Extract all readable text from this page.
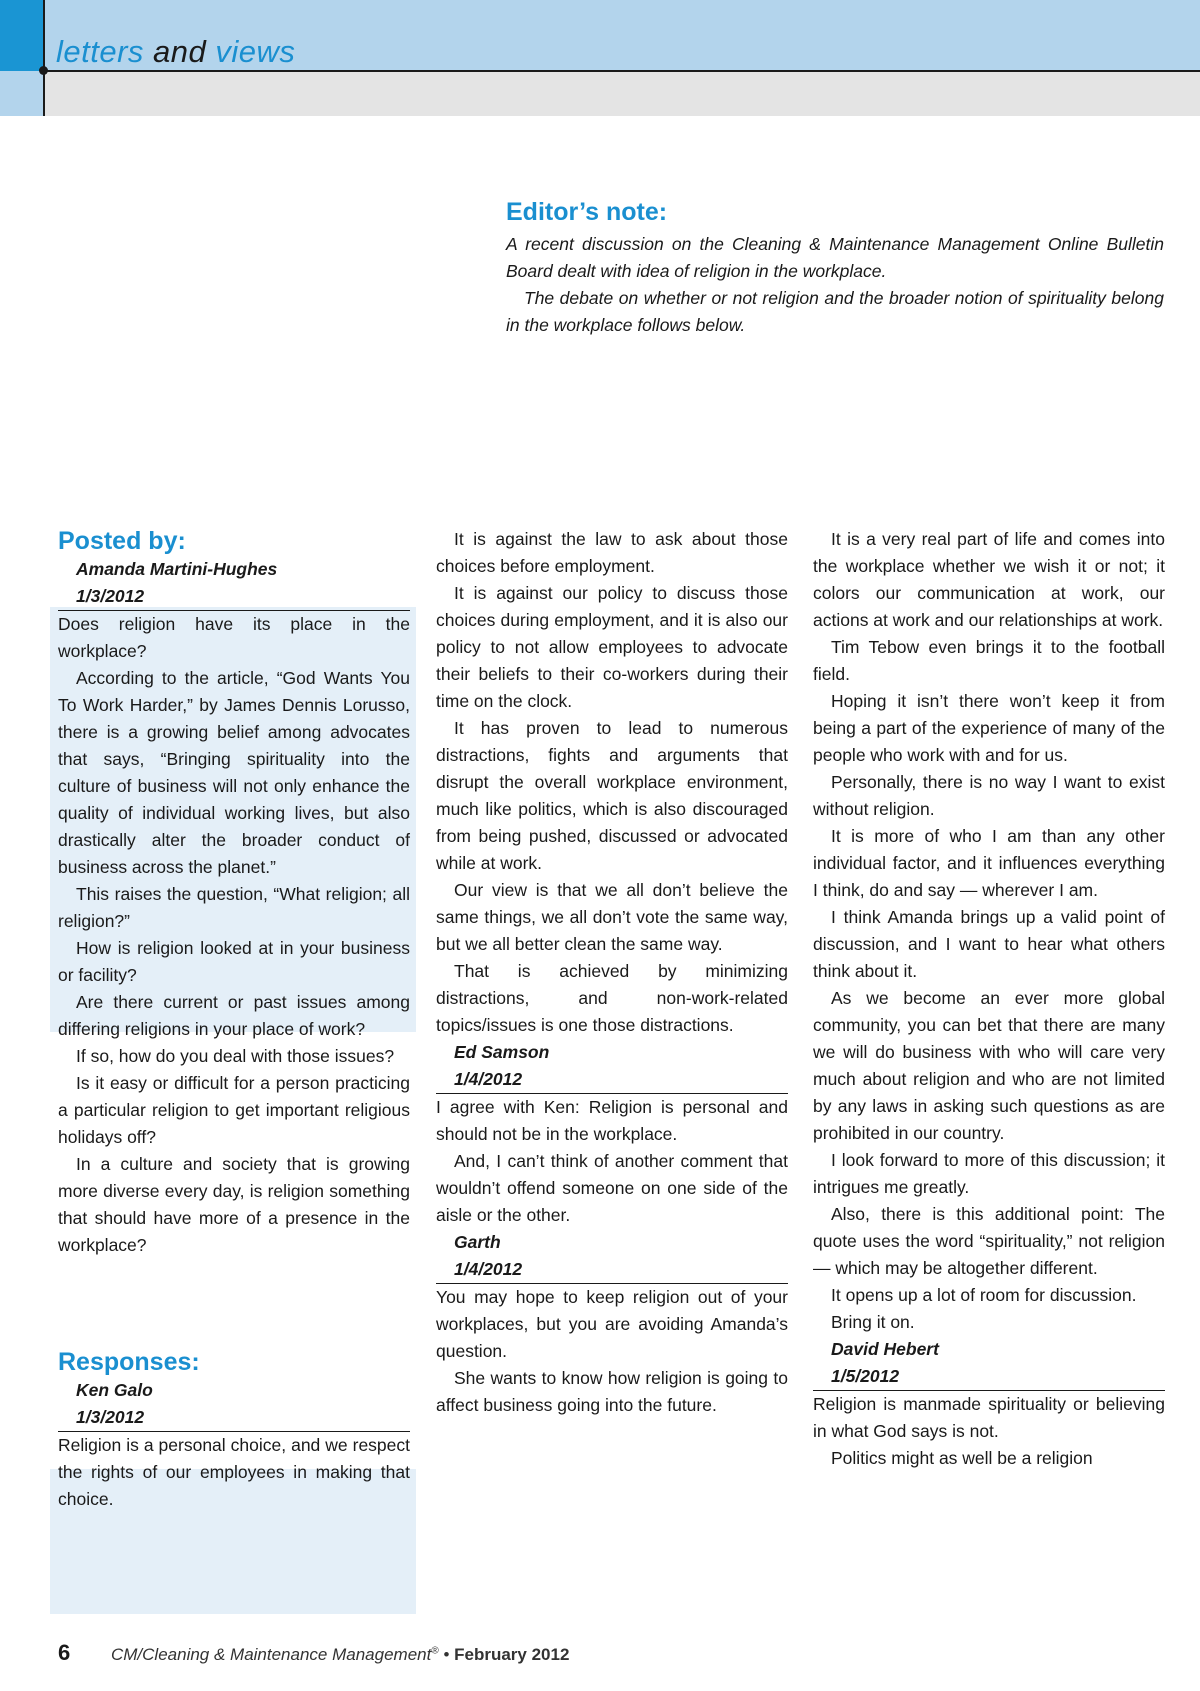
letters and views
Editor’s note:

A recent discussion on the Cleaning & Maintenance Management Online Bulletin Board dealt with idea of religion in the workplace.

The debate on whether or not religion and the broader notion of spirituality belong in the workplace follows below.

Posted by:

Amanda Martini-Hughes

1/3/2012

Does religion have its place in the workplace?

According to the article, “God Wants You To Work Harder,” by James Dennis Lorusso, there is a growing belief among advocates that says, “Bringing spirituality into the culture of business will not only enhance the quality of individual working lives, but also drastically alter the broader conduct of business across the planet.”

This raises the question, “What religion; all religion?”

How is religion looked at in your business or facility?

Are there current or past issues among differing religions in your place of work?

If so, how do you deal with those issues?

Is it easy or difficult for a person practicing a particular religion to get important religious holidays off?

In a culture and society that is growing more diverse every day, is religion something that should have more of a presence in the workplace?

Responses:

Ken Galo

1/3/2012

Religion is a personal choice, and we respect the rights of our employees in making that choice.

It is against the law to ask about those choices before employment.

It is against our policy to discuss those choices during employment, and it is also our policy to not allow employees to advocate their beliefs to their co-workers during their time on the clock.

It has proven to lead to numerous distractions, fights and arguments that disrupt the overall workplace environment, much like politics, which is also discouraged from being pushed, discussed or advocated while at work.

Our view is that we all don’t believe the same things, we all don’t vote the same way, but we all better clean the same way.

That is achieved by minimizing distractions, and non-work-related topics/issues is one those distractions.

Ed Samson

1/4/2012

I agree with Ken: Religion is personal and should not be in the workplace.

And, I can’t think of another comment that wouldn’t offend someone on one side of the aisle or the other.

Garth

1/4/2012

You may hope to keep religion out of your workplaces, but you are avoiding Amanda’s question.

She wants to know how religion is going to affect business going into the future.

It is a very real part of life and comes into the workplace whether we wish it or not; it colors our communication at work, our actions at work and our relationships at work.

Tim Tebow even brings it to the football field.

Hoping it isn’t there won’t keep it from being a part of the experience of many of the people who work with and for us.

Personally, there is no way I want to exist without religion.

It is more of who I am than any other individual factor, and it influences everything I think, do and say — wherever I am.

I think Amanda brings up a valid point of discussion, and I want to hear what others think about it.

As we become an ever more global community, you can bet that there are many we will do business with who will care very much about religion and who are not limited by any laws in asking such questions as are prohibited in our country.

I look forward to more of this discussion; it intrigues me greatly.

Also, there is this additional point: The quote uses the word “spirituality,” not religion — which may be altogether different.

It opens up a lot of room for discussion.

Bring it on.

David Hebert

1/5/2012

Religion is manmade spirituality or believing in what God says is not.

Politics might as well be a religion

6 CM/Cleaning & Maintenance Management® • February 2012
